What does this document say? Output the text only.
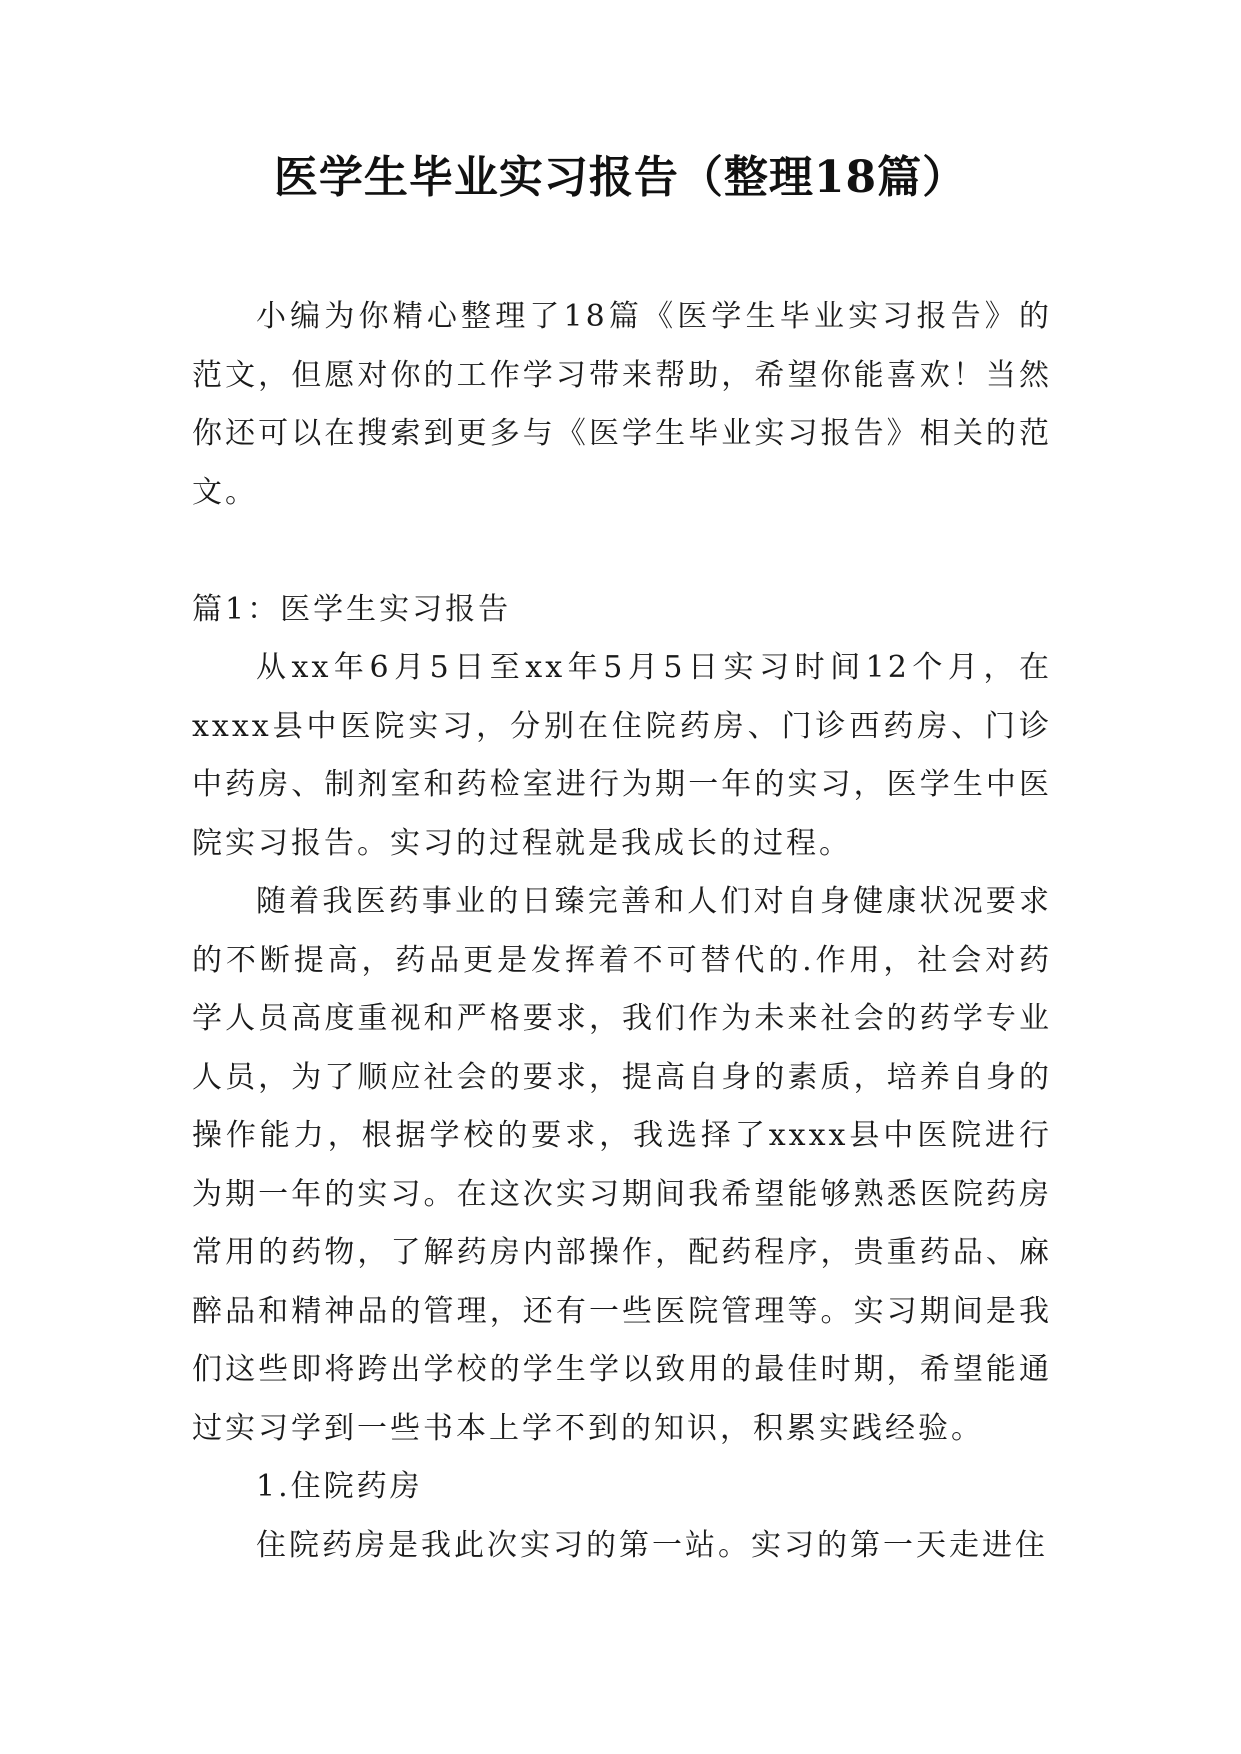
医学生毕业实习报告（整理18篇）

小编为你精心整理了18篇《医学生毕业实习报告》的范文，但愿对你的工作学习带来帮助，希望你能喜欢！当然你还可以在搜索到更多与《医学生毕业实习报告》相关的范文。

篇1：医学生实习报告

从xx年6月5日至xx年5月5日实习时间12个月，在xxxx县中医院实习，分别在住院药房、门诊西药房、门诊中药房、制剂室和药检室进行为期一年的实习，医学生中医院实习报告。实习的过程就是我成长的过程。

随着我医药事业的日臻完善和人们对自身健康状况要求的不断提高，药品更是发挥着不可替代的.作用，社会对药学人员高度重视和严格要求，我们作为未来社会的药学专业人员，为了顺应社会的要求，提高自身的素质，培养自身的操作能力，根据学校的要求，我选择了xxxx县中医院进行为期一年的实习。在这次实习期间我希望能够熟悉医院药房常用的药物，了解药房内部操作，配药程序，贵重药品、麻醉品和精神品的管理，还有一些医院管理等。实习期间是我们这些即将跨出学校的学生学以致用的最佳时期，希望能通过实习学到一些书本上学不到的知识，积累实践经验。

1.住院药房

住院药房是我此次实习的第一站。实习的第一天走进住
